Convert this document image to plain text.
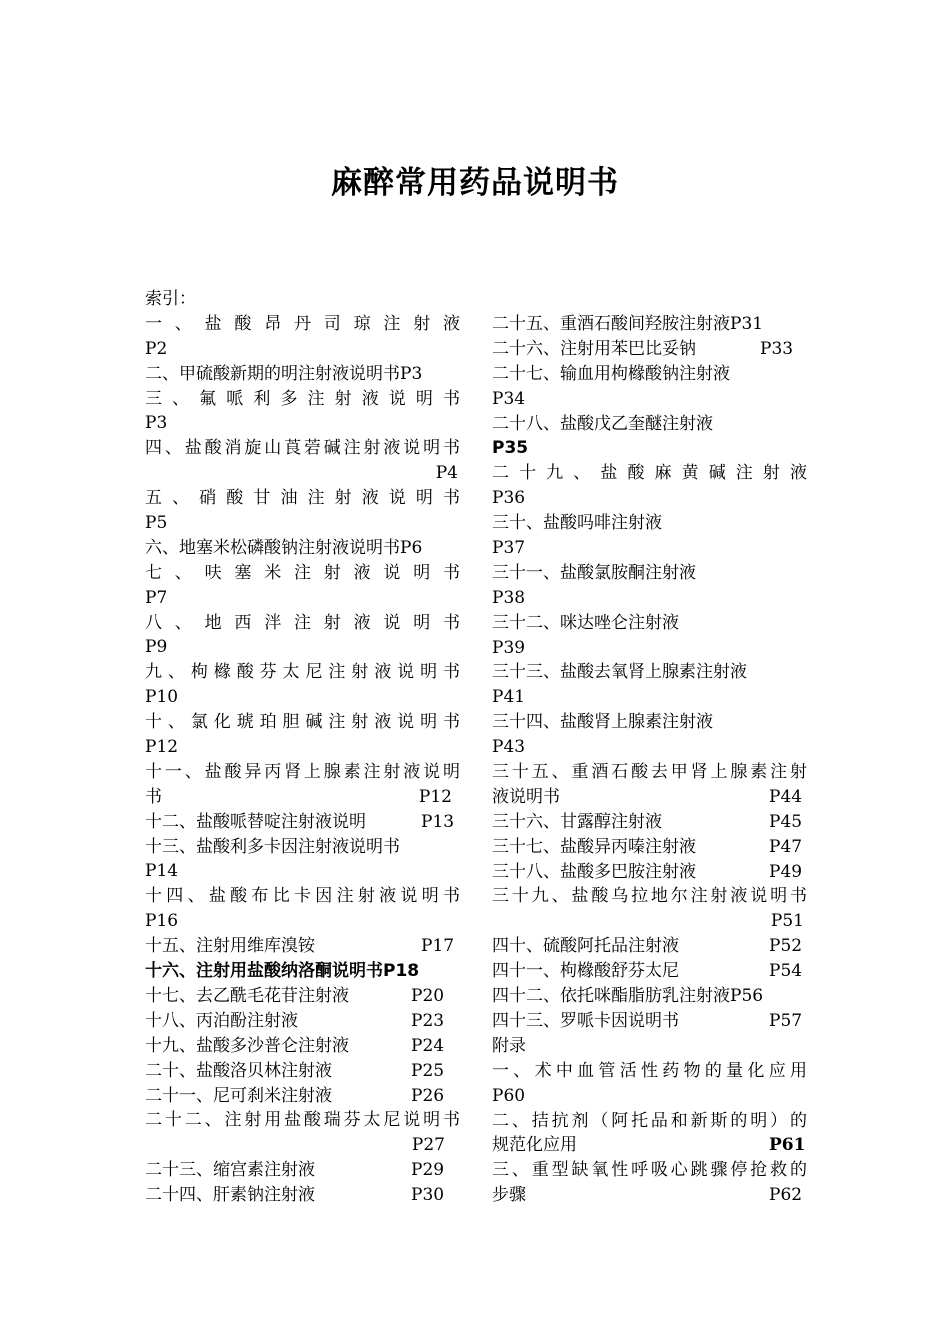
麻醉常用药品说明书
索引：
一 、 盐 酸 昂 丹 司 琼 注 射 液
P2
二、甲硫酸新期的明注射液说明书P3
三 、 氟 哌 利 多 注 射 液 说 明 书
P3
四、盐酸消旋山莨菪碱注射液说明书
P4
五 、 硝 酸 甘 油 注 射 液 说 明 书
P5
六、地塞米松磷酸钠注射液说明书P6
七 、 呋 塞 米 注 射 液 说 明 书
P7
八 、 地 西 泮 注 射 液 说 明 书
P9
九、枸橼酸芬太尼注射液说明书
P10
十、氯化琥珀胆碱注射液说明书
P12
十一、盐酸异丙肾上腺素注射液说明
书	P12
十二、盐酸哌替啶注射液说明	P13
十三、盐酸利多卡因注射液说明书
P14
十四、盐酸布比卡因注射液说明书
P16
十五、注射用维库溴铵	P17
十六、注射用盐酸纳洛酮说明书P18
十七、去乙酰毛花苷注射液	P20
十八、丙泊酚注射液	P23
十九、盐酸多沙普仑注射液	P24
二十、盐酸洛贝林注射液	P25
二十一、尼可刹米注射液	P26
二十二、注射用盐酸瑞芬太尼说明书
P27
二十三、缩宫素注射液	P29
二十四、肝素钠注射液	P30
二十五、重酒石酸间羟胺注射液P31
二十六、注射用苯巴比妥钠	P33
二十七、输血用枸橼酸钠注射液
P34
二十八、盐酸戊乙奎醚注射液
P35
二 十 九 、 盐 酸 麻 黄 碱 注 射 液
P36
三十、盐酸吗啡注射液
P37
三十一、盐酸氯胺酮注射液
P38
三十二、咪达唑仑注射液
P39
三十三、盐酸去氧肾上腺素注射液
P41
三十四、盐酸肾上腺素注射液
P43
三十五、重酒石酸去甲肾上腺素注射
液说明书	P44
三十六、甘露醇注射液	P45
三十七、盐酸异丙嗪注射液	P47
三十八、盐酸多巴胺注射液	P49
三十九、盐酸乌拉地尔注射液说明书
P51
四十、硫酸阿托品注射液	P52
四十一、枸橼酸舒芬太尼	P54
四十二、依托咪酯脂肪乳注射液P56
四十三、罗哌卡因说明书	P57
附录
一、术中血管活性药物的量化应用
P60
二、拮抗剂（阿托品和新斯的明）的
规范化应用	P61
三、重型缺氧性呼吸心跳骤停抢救的
步骤	P62
